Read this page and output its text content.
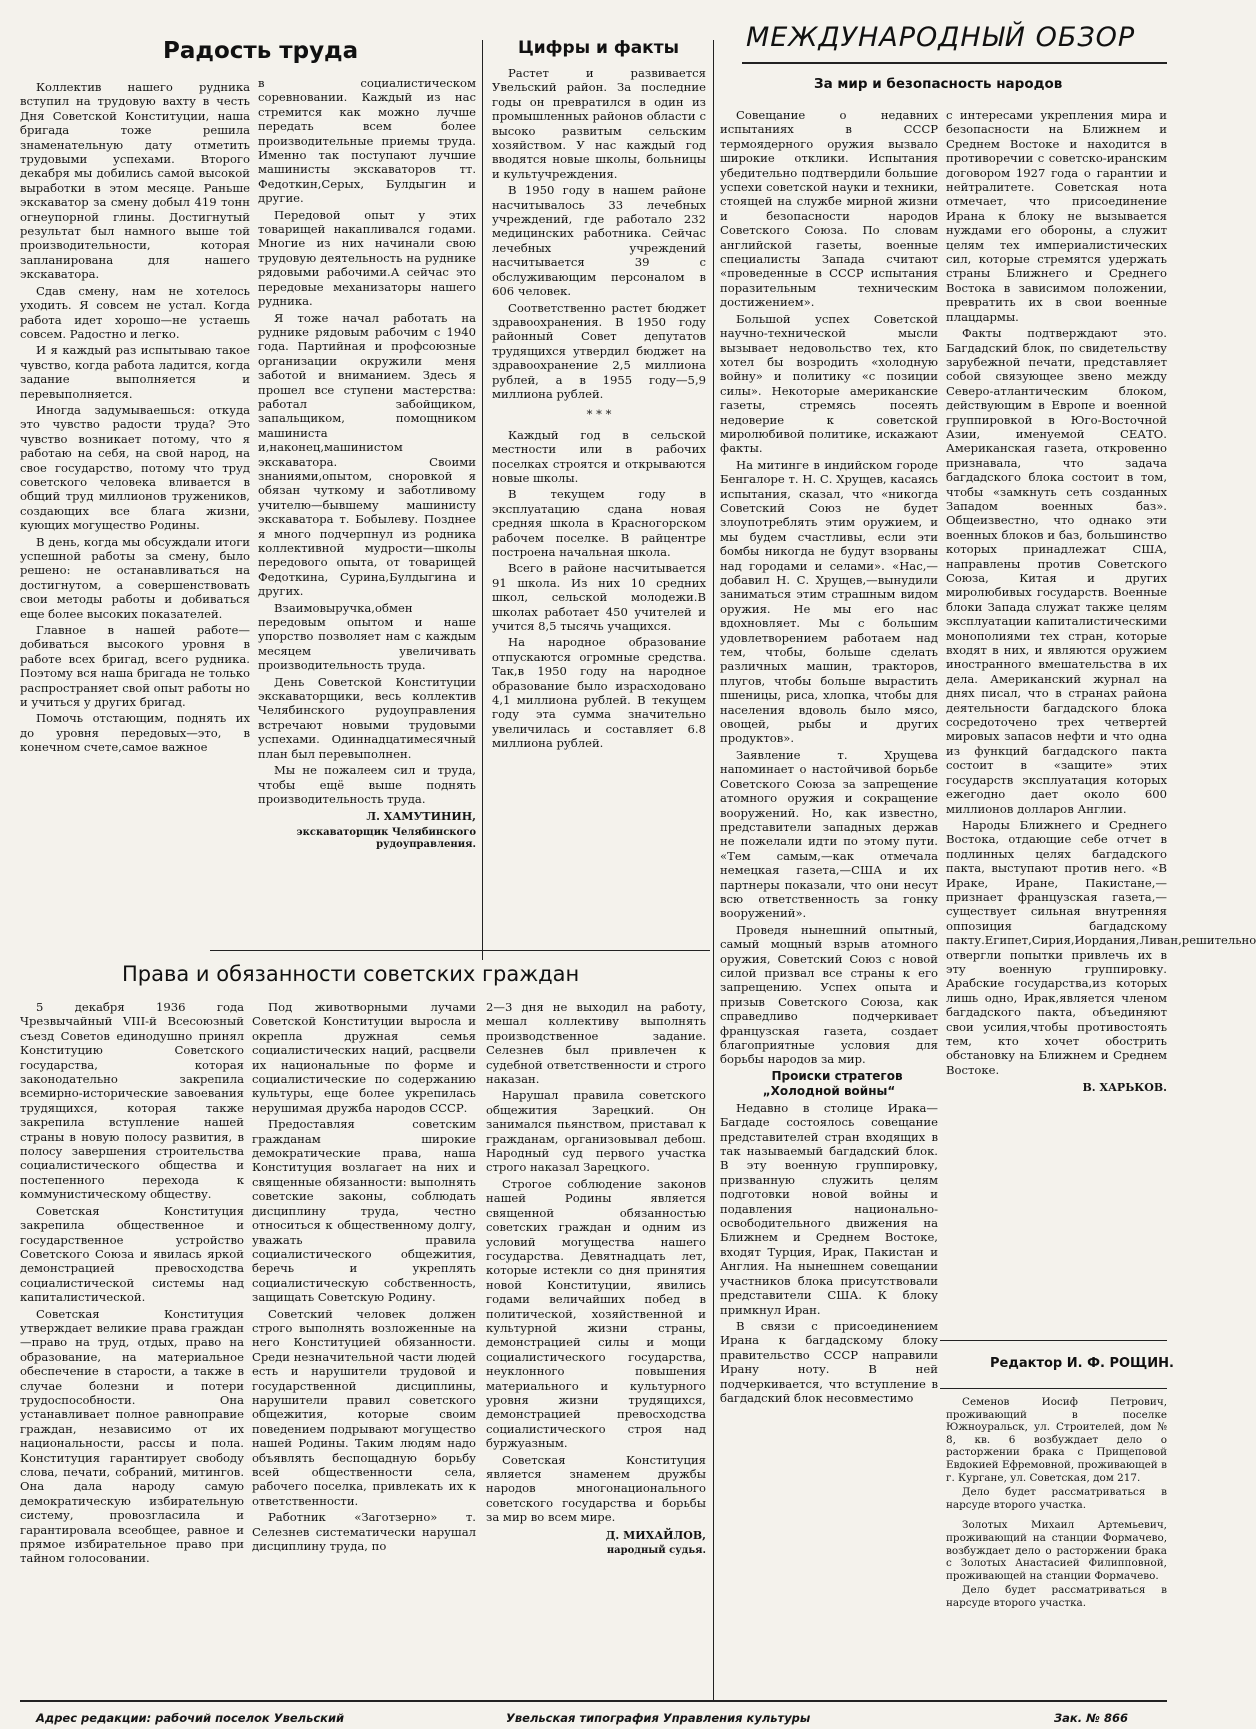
Радость труда	Цифры и факты МЕЖДУНАРОДНЫЙ ОБЗОР

Коллектив нашего рудника вступил на трудовую вахту в честь Дня Советской Конституции, наша бригада тоже решила знаменательную дату отметить трудовыми успехами. Второго декабря мы добились самой высокой выработки в этом месяце. Раньше экскаватор за смену добыл 419 тонн огнеупорной глины. Достигнутый результат был намного выше той производительности, которая запланирована для нашего экскаватора.

Сдав смену, нам не хотелось уходить. Я совсем не устал. Когда работа идет хорошо—не устаешь совсем. Радостно и легко.

И я каждый раз испытываю такое чувство, когда работа ладится, когда задание выполняется и перевыполняется.

Иногда задумываешься: откуда это чувство радости труда? Это чувство возникает потому, что я работаю на себя, на свой народ, на свое государство, потому что труд советского человека вливается в общий труд миллионов тружеников, создающих все блага жизни, кующих могущество Родины.

В день, когда мы обсуждали итоги успешной работы за смену, было решено: не останавливаться на достигнутом, а совершенствовать свои методы работы и добиваться еще более высоких показателей.

Главное в нашей работе—добиваться высокого уровня в работе всех бригад, всего рудника. Поэтому вся наша бригада не только распространяет свой опыт работы но и учиться у других бригад.

Помочь отстающим, поднять их до уровня передовых—это, в конечном счете,самое важное

в социалистическом соревновании. Каждый из нас стремится как можно лучше передать всем более производительные приемы труда. Именно так поступают лучшие машинисты экскаваторов тт. Федоткин,Серых, Булдыгин и другие.

Передовой опыт у этих товарищей накапливался годами. Многие из них начинали свою трудовую деятельность на руднике рядовыми рабочими.А сейчас это передовые механизаторы нашего рудника.

Я тоже начал работать на руднике рядовым рабочим с 1940 года. Партийная и профсоюзные организации окружили меня заботой и вниманием. Здесь я прошел все ступени мастерства: работал забойщиком, запальщиком, помощником машиниста и,наконец,машинистом экскаватора. Своими знаниями,опытом, сноровкой я обязан чуткому и заботливому учителю—бывшему машинисту экскаватора т. Бобылеву. Позднее я много подчерпнул из родника коллективной мудрости—школы передового опыта, от товарищей Федоткина, Сурина,Булдыгина и других.

Взаимовыручка,обмен передовым опытом и наше упорство позволяет нам с каждым месяцем увеличивать производительность труда.

День Советской Конституции экскаваторщики, весь коллектив Челябинского рудоуправления встречают новыми трудовыми успехами. Одиннадцатимесячный план был перевыполнен.

Мы не пожалеем сил и труда, чтобы ещё выше поднять производительность труда.

Л. ХАМУТИНИН,

экскаваторщик Челябинского рудоуправления.

Растет и развивается Увельский район. За последние годы он превратился в один из промышленных районов области с высоко развитым сельским хозяйством. У нас каждый год вводятся новые школы, больницы и культучреждения.

В 1950 году в нашем районе насчитывалось 33 лечебных учреждений, где работало 232 медицинских работника. Сейчас лечебных учреждений насчитывается 39 с обслуживающим персоналом в 606 человек.

Соответственно растет бюджет здравоохранения. В 1950 году районный Совет депутатов трудящихся утвердил бюджет на здравоохранение 2,5 миллиона рублей, а в 1955 году—5,9 миллиона рублей.

* * *

Каждый год в сельской местности или в рабочих поселках строятся и открываются новые школы.

В текущем году в эксплуатацию сдана новая средняя школа в Красногорском рабочем поселке. В райцентре построена начальная школа.

Всего в районе насчитывается 91 школа. Из них 10 средних школ, сельской молодежи.В школах работает 450 учителей и учится 8,5 тысячь учащихся.

На народное образование отпускаются огромные средства. Так,в 1950 году на народное образование было израсходовано 4,1 миллиона рублей. В текущем году эта сумма значительно увеличилась и составляет 6.8 миллиона рублей.

Права и обязанности советских граждан

5 декабря 1936 года Чрезвычайный VIII-й Всесоюзный съезд Советов единодушно принял Конституцию Советского государства, которая законодательно закрепила всемирно-исторические завоевания трудящихся, которая также закрепила вступление нашей страны в новую полосу развития, в полосу завершения строительства социалистического общества и постепенного перехода к коммунистическому обществу.

Советская Конституция закрепила общественное и государственное устройство Советского Союза и явилась яркой демонстрацией превосходства социалистической системы над капиталистической.

Советская Конституция утверждает великие права граждан—право на труд, отдых, право на образование, на материальное обеспечение в старости, а также в случае болезни и потери трудоспособности. Она устанавливает полное равноправие граждан, независимо от их национальности, рассы и пола. Конституция гарантирует свободу слова, печати, собраний, митингов. Она дала народу самую демократическую избирательную систему, провозгласила и гарантировала всеобщее, равное и прямое избирательное право при тайном голосовании.

Под животворными лучами Советской Конституции выросла и окрепла дружная семья социалистических наций, расцвели их национальные по форме и социалистические по содержанию культуры, еще более укрепилась нерушимая дружба народов СССР.

Предоставляя советским гражданам широкие демократические права, наша Конституция возлагает на них и священные обязанности: выполнять советские законы, соблюдать дисциплину труда, честно относиться к общественному долгу, уважать правила социалистического общежития, беречь и укреплять социалистическую собственность, защищать Советскую Родину.

Советский человек должен строго выполнять возложенные на него Конституцией обязанности. Среди незначительной части людей есть и нарушители трудовой и государственной дисциплины, нарушители правил советского общежития, которые своим поведением подрывают могущество нашей Родины. Таким людям надо объявлять беспощадную борьбу всей общественности села, рабочего поселка, привлекать их к ответственности.

Работник «Заготзерно» т. Селезнев систематически нарушал дисциплину труда, по

2—3 дня не выходил на работу, мешал коллективу выполнять производственное задание. Селезнев был привлечен к судебной ответственности и строго наказан.

Нарушал правила советского общежития Зарецкий. Он занимался пьянством, приставал к гражданам, организовывал дебош. Народный суд первого участка строго наказал Зарецкого.

Строгое соблюдение законов нашей Родины является священной обязанностью советских граждан и одним из условий могущества нашего государства. Девятнадцать лет, которые истекли со дня принятия новой Конституции, явились годами величайших побед в политической, хозяйственной и культурной жизни страны, демонстрацией силы и мощи социалистического государства, неуклонного повышения материального и культурного уровня жизни трудящихся, демонстрацией превосходства социалистического строя над буржуазным.

Советская Конституция является знаменем дружбы народов многонационального советского государства и борьбы за мир во всем мире.

Д. МИХАЙЛОВ,

народный судья.

За мир и безопасность народов

Совещание о недавних испытаниях в СССР термоядерного оружия вызвало широкие отклики. Испытания убедительно подтвердили большие успехи советской науки и техники, стоящей на службе мирной жизни и безопасности народов Советского Союза. По словам английской газеты, военные специалисты Запада считают «проведенные в СССР испытания поразительным техническим достижением».

Большой успех Советской научно-технической мысли вызывает недовольство тех, кто хотел бы возродить «холодную войну» и политику «с позиции силы». Некоторые американские газеты, стремясь посеять недоверие к советской миролюбивой политике, искажают факты.

На митинге в индийском городе Бенгалоре т. Н. С. Хрущев, касаясь испытания, сказал, что «никогда Советский Союз не будет злоупотреблять этим оружием, и мы будем счастливы, если эти бомбы никогда не будут взорваны над городами и селами». «Нас,—добавил Н. С. Хрущев,—вынудили заниматься этим страшным видом оружия. Не мы его нас вдохновляет. Мы с большим удовлетворением работаем над тем, чтобы, больше сделать различных машин, тракторов, плугов, чтобы больше вырастить пшеницы, риса, хлопка, чтобы для населения вдоволь было мясо, овощей, рыбы и других продуктов».

Заявление т. Хрущева напоминает о настойчивой борьбе Советского Союза за запрещение атомного оружия и сокращение вооружений. Но, как известно, представители западных держав не пожелали идти по этому пути. «Тем самым,—как отмечала немецкая газета,—США и их партнеры показали, что они несут всю ответственность за гонку вооружений».

Проведя нынешний опытный, самый мощный взрыв атомного оружия, Советский Союз с новой силой призвал все страны к его запрещению. Успех опыта и призыв Советского Союза, как справедливо подчеркивает французская газета, создает благоприятные условия для борьбы народов за мир.

Происки стратегов „Холодной войны“

Недавно в столице Ирака—Багдаде состоялось совещание представителей стран входящих в так называемый багдадский блок. В эту военную группировку, призванную служить целям подготовки новой войны и подавления национально-освободительного движения на Ближнем и Среднем Востоке, входят Турция, Ирак, Пакистан и Англия. На нынешнем совещании участников блока присутствовали представители США. К блоку примкнул Иран.

В связи с присоединением Ирана к багдадскому блоку правительство СССР направили Ирану ноту. В ней подчеркивается, что вступление в багдадский блок несовместимо

с интересами укрепления мира и безопасности на Ближнем и Среднем Востоке и находится в противоречии с советско-иранским договором 1927 года о гарантии и нейтралитете. Советская нота отмечает, что присоединение Ирана к блоку не вызывается нуждами его обороны, а служит целям тех империалистических сил, которые стремятся удержать страны Ближнего и Среднего Востока в зависимом положении, превратить их в свои военные плацдармы.

Факты подтверждают это. Багдадский блок, по свидетельству зарубежной печати, представляет собой связующее звено между Северо-атлантическим блоком, действующим в Европе и военной группировкой в Юго-Восточной Азии, именуемой СЕАТО. Американская газета, откровенно признавала, что задача багдадского блока состоит в том, чтобы «замкнуть сеть созданных Западом военных баз». Общеизвестно, что однако эти военных блоков и баз, большинство которых принадлежат США, направлены против Советского Союза, Китая и других миролюбивых государств. Военные блоки Запада служат также целям эксплуатации капиталистическими монополиями тех стран, которые входят в них, и являются оружием иностранного вмешательства в их дела. Американский журнал на днях писал, что в странах района деятельности багдадского блока сосредоточено трех четвертей мировых запасов нефти и что одна из функций багдадского пакта состоит в «защите» этих государств эксплуатация которых ежегодно дает около 600 миллионов долларов Англии.

Народы Ближнего и Среднего Востока, отдающие себе отчет в подлинных целях багдадского пакта, выступают против него. «В Ираке, Иране, Пакистане,—признает французская газета,—существует сильная внутренняя оппозиция багдадскому пакту.Египет,Сирия,Иордания,Ливан,решительно отвергли попытки привлечь их в эту военную группировку. Арабские государства,из которых лишь одно, Ирак,является членом багдадского пакта, объединяют свои усилия,чтобы противостоять тем, кто хочет обострить обстановку на Ближнем и Среднем Востоке.

В. ХАРЬКОВ.

Редактор И. Ф. РОЩИН.

Семенов Иосиф Петрович, проживающий в поселке Южноуральск, ул. Строителей, дом № 8, кв. 6 возбуждает дело о расторжении брака с Прищеповой Евдокией Ефремовной, проживающей в г. Кургане, ул. Советская, дом 217.

Дело будет рассматриваться в нарсуде второго участка.

Золотых Михаил Артемьевич, проживающий на станции Формачево, возбуждает дело о расторжении брака с Золотых Анастасией Филипповной, проживающей на станции Формачево.

Дело будет рассматриваться в нарсуде второго участка.

Адрес редакции: рабочий поселок Увельский	Увельская типография Управления культуры	Зак. № 866
